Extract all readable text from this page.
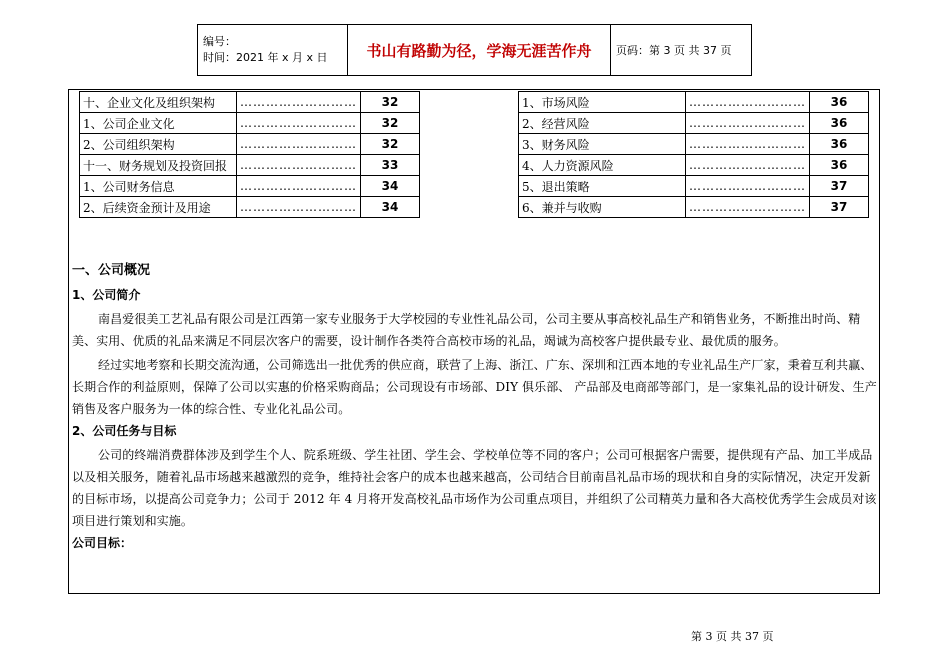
编号：
时间：2021 年 x 月 x 日	书山有路勤为径，学海无涯苦作舟	页码：第 3 页 共 37 页
十、企业文化及组织架构	………………………	32
1、公司企业文化	………………………	32
2、公司组织架构	………………………	32
十一、财务规划及投资回报	………………………	33
1、公司财务信息	………………………	34
2、后续资金预计及用途	………………………	34
1、市场风险	………………………	36
2、经营风险	………………………	36
3、财务风险	………………………	36
4、人力资源风险	………………………	36
5、退出策略	………………………	37
6、兼并与收购	………………………	37
一、公司概况
1、公司简介

南昌爱很美工艺礼品有限公司是江西第一家专业服务于大学校园的专业性礼品公司，公司主要从事高校礼品生产和销售业务，不断推出时尚、精美、实用、优质的礼品来满足不同层次客户的需要，设计制作各类符合高校市场的礼品，竭诚为高校客户提供最专业、最优质的服务。

经过实地考察和长期交流沟通，公司筛选出一批优秀的供应商，联营了上海、浙江、广东、深圳和江西本地的专业礼品生产厂家，秉着互利共赢、长期合作的利益原则，保障了公司以实惠的价格采购商品；公司现设有市场部、DIY 俱乐部、 产品部及电商部等部门，是一家集礼品的设计研发、生产销售及客户服务为一体的综合性、专业化礼品公司。

2、公司任务与目标

公司的终端消费群体涉及到学生个人、院系班级、学生社团、学生会、学校单位等不同的客户；公司可根据客户需要，提供现有产品、加工半成品以及相关服务，随着礼品市场越来越激烈的竞争，维持社会客户的成本也越来越高，公司结合目前南昌礼品市场的现状和自身的实际情况，决定开发新的目标市场，以提高公司竞争力；公司于 2012 年 4 月将开发高校礼品市场作为公司重点项目，并组织了公司精英力量和各大高校优秀学生会成员对该项目进行策划和实施。

公司目标：
第 3 页 共 37 页
